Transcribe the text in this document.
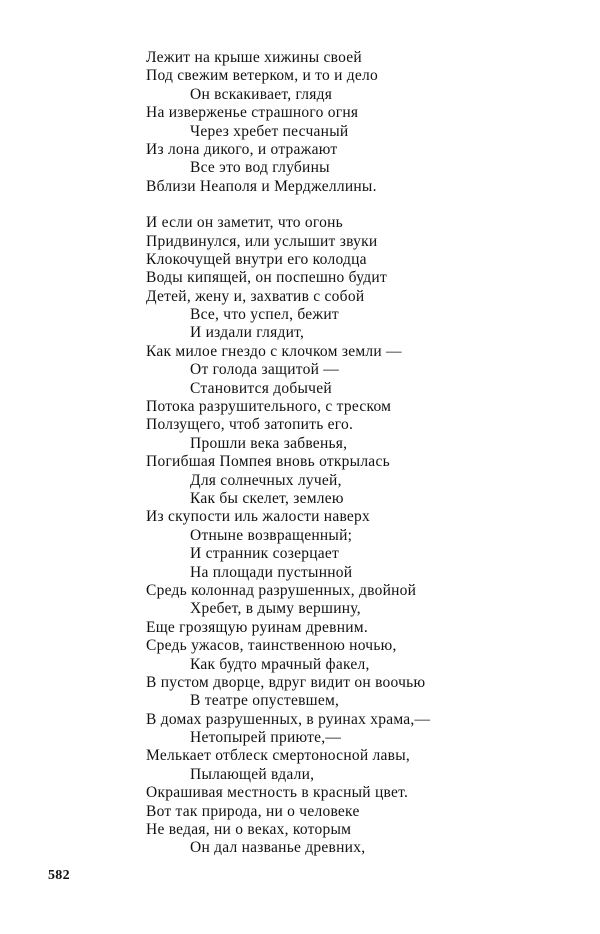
Лежит на крыше хижины своей
Под свежим ветерком, и то и дело
Он вскакивает, глядя
На изверженье страшного огня
Через хребет песчаный
Из лона дикого, и отражают
Все это вод глубины
Вблизи Неаполя и Мерджеллины.
И если он заметит, что огонь
Придвинулся, или услышит звуки
Клокочущей внутри его колодца
Воды кипящей, он поспешно будит
Детей, жену и, захватив с собой
Все, что успел, бежит
И издали глядит,
Как милое гнездо с клочком земли —
От голода защитой —
Становится добычей
Потока разрушительного, с треском
Ползущего, чтоб затопить его.
Прошли века забвенья,
Погибшая Помпея вновь открылась
Для солнечных лучей,
Как бы скелет, землею
Из скупости иль жалости наверх
Отныне возвращенный;
И странник созерцает
На площади пустынной
Средь колоннад разрушенных, двойной
Хребет, в дыму вершину,
Еще грозящую руинам древним.
Средь ужасов, таинственною ночью,
Как будто мрачный факел,
В пустом дворце, вдруг видит он воочью
В театре опустевшем,
В домах разрушенных, в руинах храма,—
Нетопырей приюте,—
Мелькает отблеск смертоносной лавы,
Пылающей вдали,
Окрашивая местность в красный цвет.
Вот так природа, ни о человеке
Не ведая, ни о веках, которым
Он дал названье древних,
582
